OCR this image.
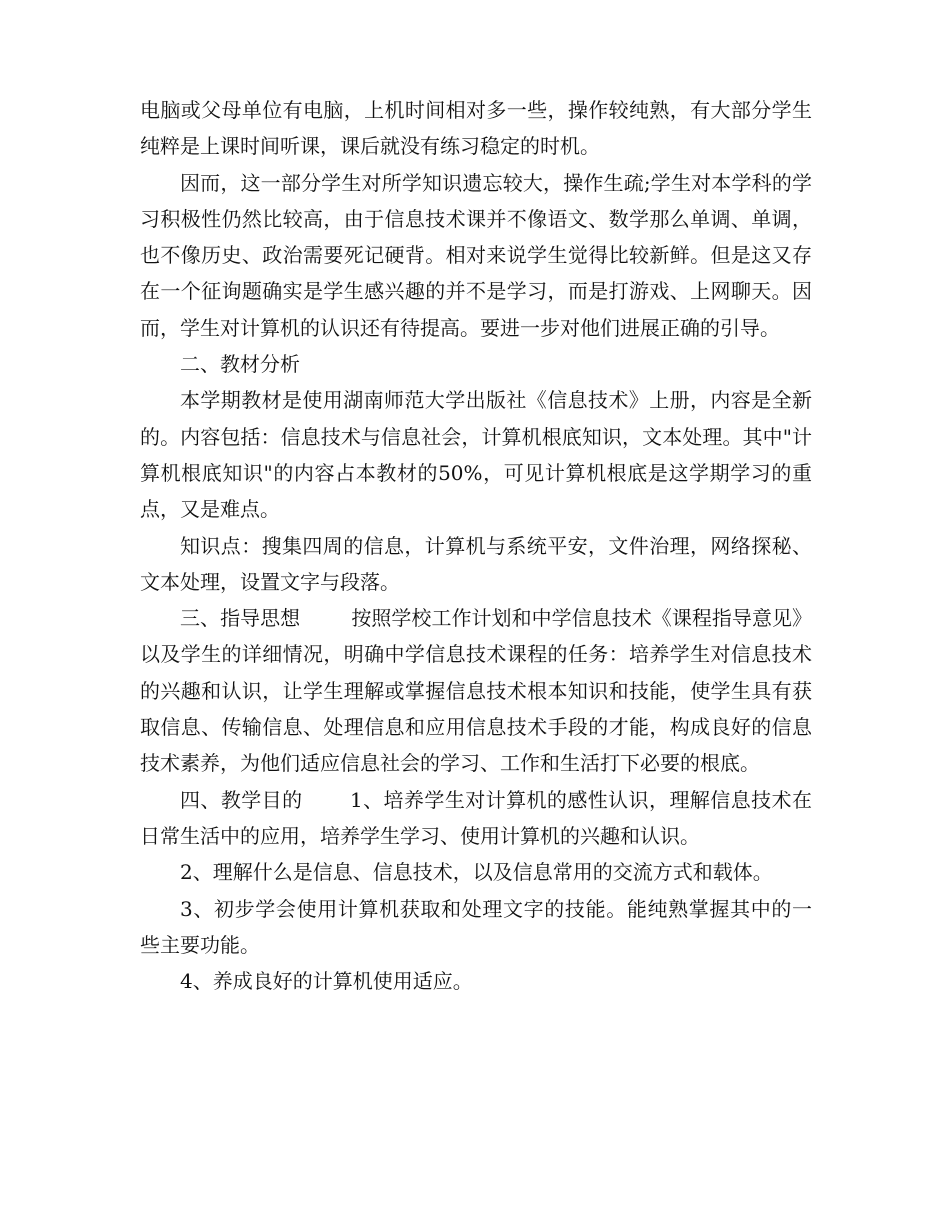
电脑或父母单位有电脑，上机时间相对多一些，操作较纯熟，有大部分学生纯粹是上课时间听课，课后就没有练习稳定的时机。

因而，这一部分学生对所学知识遗忘较大，操作生疏;学生对本学科的学习积极性仍然比较高，由于信息技术课并不像语文、数学那么单调、单调，也不像历史、政治需要死记硬背。相对来说学生觉得比较新鲜。但是这又存在一个征询题确实是学生感兴趣的并不是学习，而是打游戏、上网聊天。因而，学生对计算机的认识还有待提高。要进一步对他们进展正确的引导。

二、教材分析

本学期教材是使用湖南师范大学出版社《信息技术》上册，内容是全新的。内容包括：信息技术与信息社会，计算机根底知识，文本处理。其中"计算机根底知识"的内容占本教材的50%，可见计算机根底是这学期学习的重点，又是难点。

知识点：搜集四周的信息，计算机与系统平安，文件治理，网络探秘、文本处理，设置文字与段落。

三、指导思想	按照学校工作计划和中学信息技术《课程指导意见》以及学生的详细情况，明确中学信息技术课程的任务：培养学生对信息技术的兴趣和认识，让学生理解或掌握信息技术根本知识和技能，使学生具有获取信息、传输信息、处理信息和应用信息技术手段的才能，构成良好的信息技术素养，为他们适应信息社会的学习、工作和生活打下必要的根底。

四、教学目的 1、培养学生对计算机的感性认识，理解信息技术在日常生活中的应用，培养学生学习、使用计算机的兴趣和认识。

2、理解什么是信息、信息技术，以及信息常用的交流方式和载体。

3、初步学会使用计算机获取和处理文字的技能。能纯熟掌握其中的一些主要功能。

4、养成良好的计算机使用适应。
